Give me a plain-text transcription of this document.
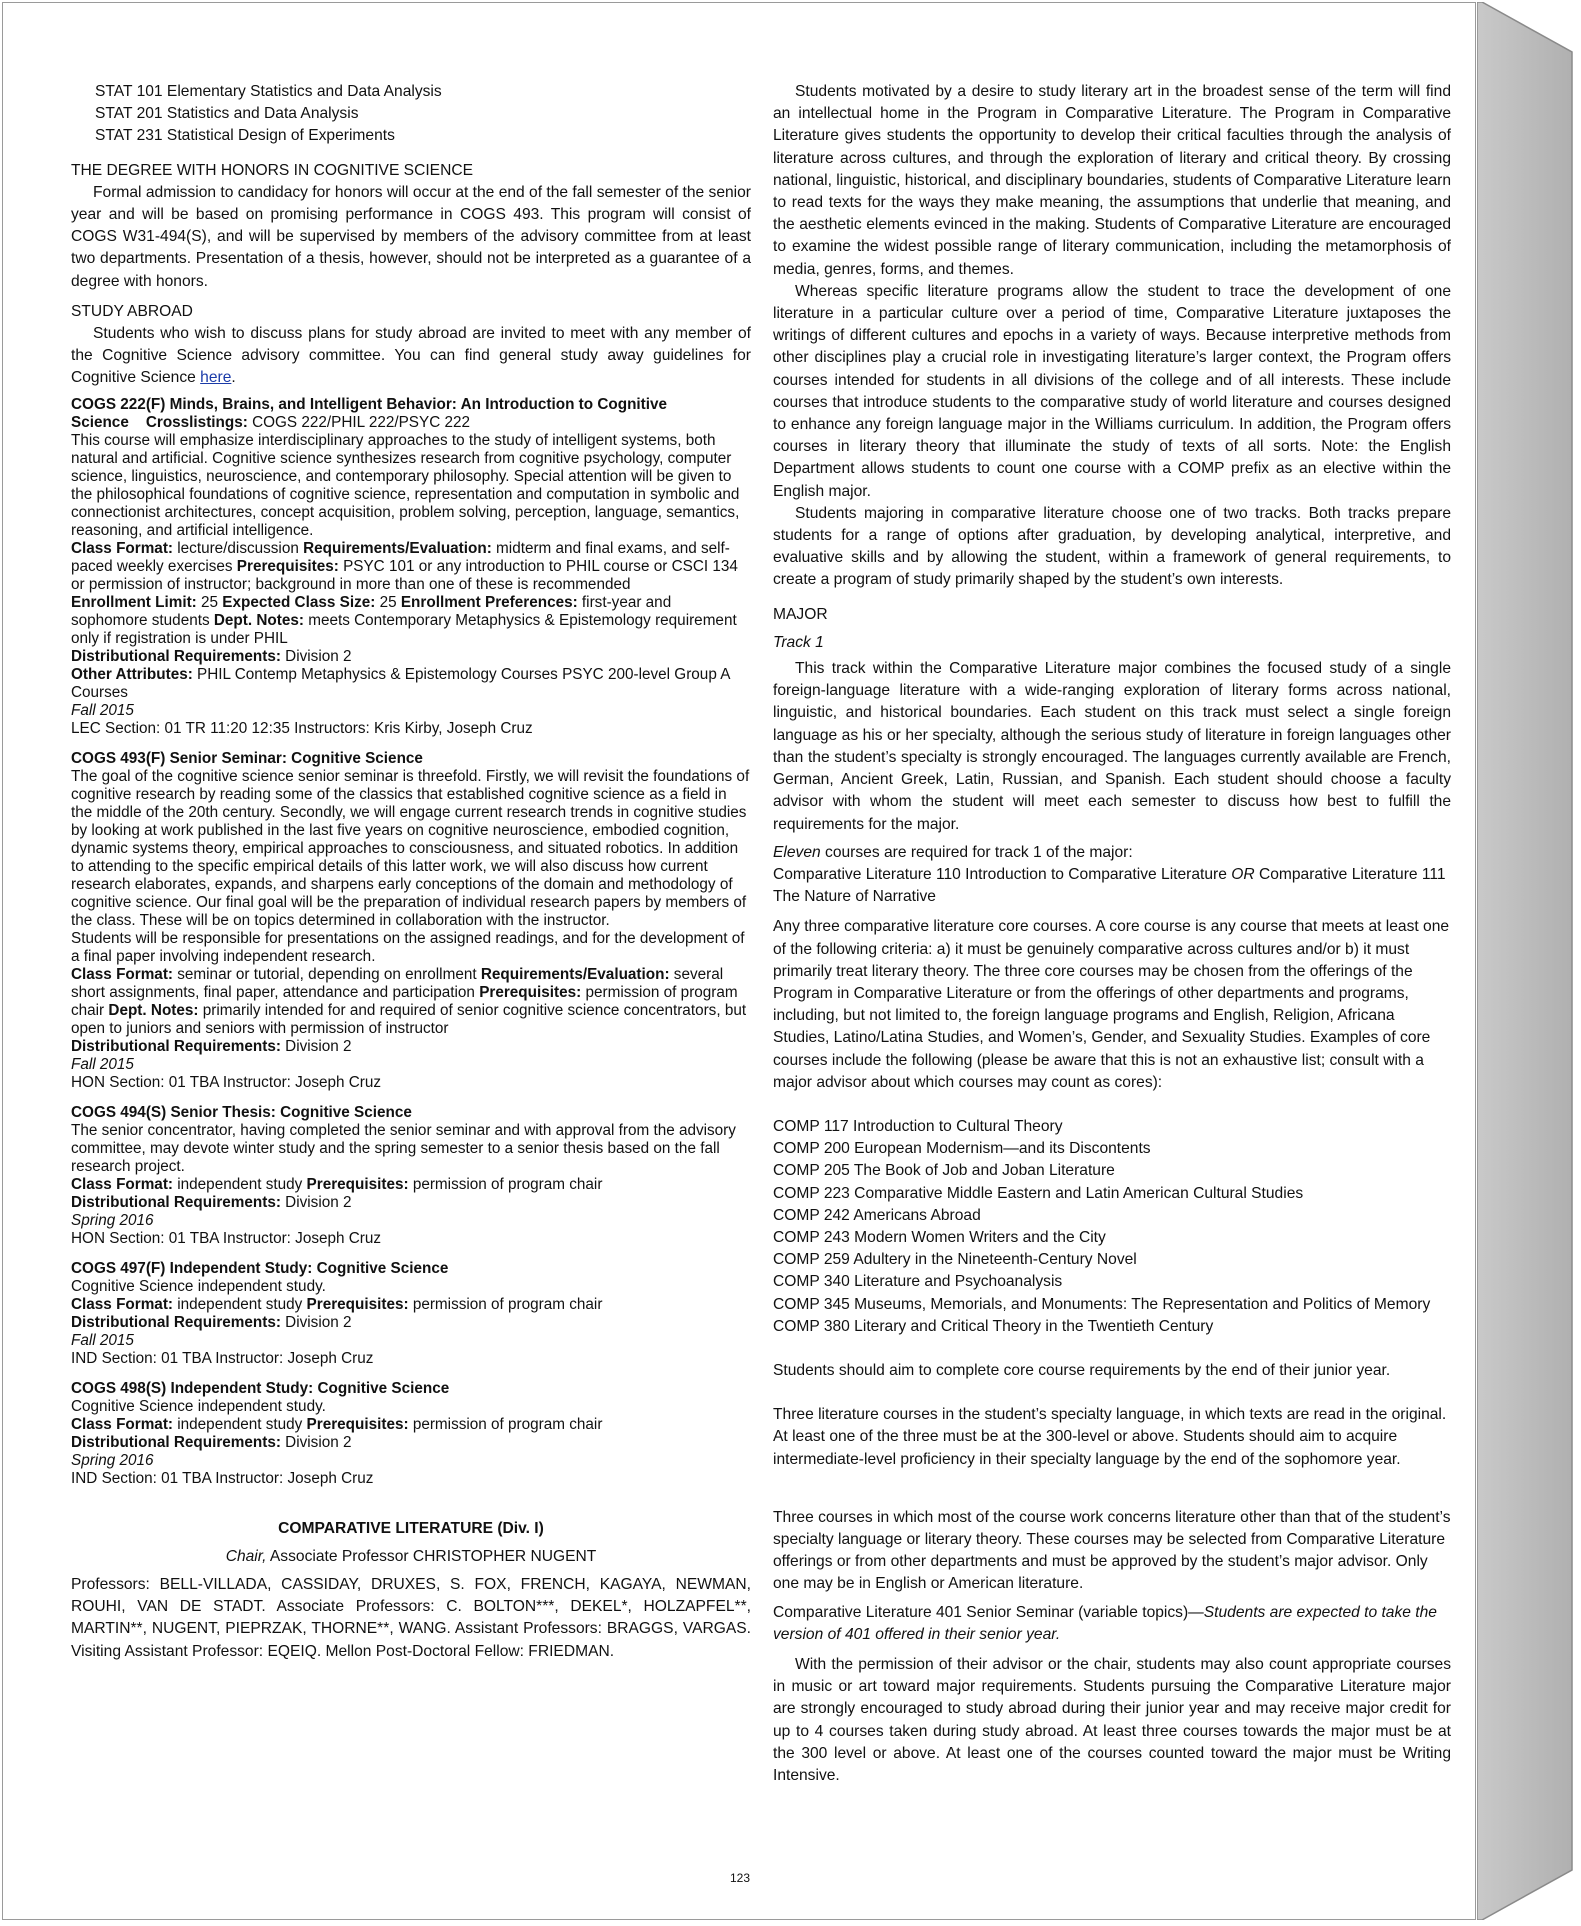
STAT 101 Elementary Statistics and Data Analysis

STAT 201 Statistics and Data Analysis

STAT 231 Statistical Design of Experiments

THE DEGREE WITH HONORS IN COGNITIVE SCIENCE

Formal admission to candidacy for honors will occur at the end of the fall semester of the senior year and will be based on promising performance in COGS 493. This program will consist of COGS W31-494(S), and will be supervised by members of the advisory committee from at least two departments. Presentation of a thesis, however, should not be interpreted as a guarantee of a degree with honors.

STUDY ABROAD

Students who wish to discuss plans for study abroad are invited to meet with any member of the Cognitive Science advisory committee. You can find general study away guidelines for Cognitive Science here.

COGS 222(F) Minds, Brains, and Intelligent Behavior: An Introduction to Cognitive Science Crosslistings: COGS 222/PHIL 222/PSYC 222

This course will emphasize interdisciplinary approaches to the study of intelligent systems, both natural and artificial. Cognitive science synthesizes research from cognitive psychology, computer science, linguistics, neuroscience, and contemporary philosophy. Special attention will be given to the philosophical foundations of cognitive science, representation and computation in symbolic and connectionist architectures, concept acquisition, problem solving, perception, language, semantics, reasoning, and artificial intelligence.

Class Format: lecture/discussion Requirements/Evaluation: midterm and final exams, and self-paced weekly exercises Prerequisites: PSYC 101 or any introduction to PHIL course or CSCI 134 or permission of instructor; background in more than one of these is recommended

Enrollment Limit: 25 Expected Class Size: 25 Enrollment Preferences: first-year and sophomore students Dept. Notes: meets Contemporary Metaphysics & Epistemology requirement only if registration is under PHIL

Distributional Requirements: Division 2

Other Attributes: PHIL Contemp Metaphysics & Epistemology Courses PSYC 200-level Group A Courses

Fall 2015

LEC Section: 01 TR 11:20 12:35 Instructors: Kris Kirby, Joseph Cruz

COGS 493(F) Senior Seminar: Cognitive Science

The goal of the cognitive science senior seminar is threefold. Firstly, we will revisit the foundations of cognitive research by reading some of the classics that established cognitive science as a field in the middle of the 20th century. Secondly, we will engage current research trends in cognitive studies by looking at work published in the last five years on cognitive neuroscience, embodied cognition, dynamic systems theory, empirical approaches to consciousness, and situated robotics. In addition to attending to the specific empirical details of this latter work, we will also discuss how current research elaborates, expands, and sharpens early conceptions of the domain and methodology of cognitive science. Our final goal will be the preparation of individual research papers by members of the class. These will be on topics determined in collaboration with the instructor.

Students will be responsible for presentations on the assigned readings, and for the development of a final paper involving independent research.

Class Format: seminar or tutorial, depending on enrollment Requirements/Evaluation: several short assignments, final paper, attendance and participation Prerequisites: permission of program chair Dept. Notes: primarily intended for and required of senior cognitive science concentrators, but open to juniors and seniors with permission of instructor

Distributional Requirements: Division 2

Fall 2015

HON Section: 01 TBA Instructor: Joseph Cruz

COGS 494(S) Senior Thesis: Cognitive Science

The senior concentrator, having completed the senior seminar and with approval from the advisory committee, may devote winter study and the spring semester to a senior thesis based on the fall research project.

Class Format: independent study Prerequisites: permission of program chair

Distributional Requirements: Division 2

Spring 2016

HON Section: 01 TBA Instructor: Joseph Cruz

COGS 497(F) Independent Study: Cognitive Science

Cognitive Science independent study.

Class Format: independent study Prerequisites: permission of program chair

Distributional Requirements: Division 2

Fall 2015

IND Section: 01 TBA Instructor: Joseph Cruz

COGS 498(S) Independent Study: Cognitive Science

Cognitive Science independent study.

Class Format: independent study Prerequisites: permission of program chair

Distributional Requirements: Division 2

Spring 2016

IND Section: 01 TBA Instructor: Joseph Cruz

COMPARATIVE LITERATURE (Div. I)

Chair, Associate Professor CHRISTOPHER NUGENT

Professors: BELL-VILLADA, CASSIDAY, DRUXES, S. FOX, FRENCH, KAGAYA, NEWMAN, ROUHI, VAN DE STADT. Associate Professors: C. BOLTON***, DEKEL*, HOLZAPFEL**, MARTIN**, NUGENT, PIEPRZAK, THORNE**, WANG. Assistant Professors: BRAGGS, VARGAS. Visiting Assistant Professor: EQEIQ. Mellon Post-Doctoral Fellow: FRIEDMAN.

Students motivated by a desire to study literary art in the broadest sense of the term will find an intellectual home in the Program in Comparative Literature. The Program in Comparative Literature gives students the opportunity to develop their critical faculties through the analysis of literature across cultures, and through the exploration of literary and critical theory. By crossing national, linguistic, historical, and disciplinary boundaries, students of Comparative Literature learn to read texts for the ways they make meaning, the assumptions that underlie that meaning, and the aesthetic elements evinced in the making. Students of Comparative Literature are encouraged to examine the widest possible range of literary communication, including the metamorphosis of media, genres, forms, and themes.

Whereas specific literature programs allow the student to trace the development of one literature in a particular culture over a period of time, Comparative Literature juxtaposes the writings of different cultures and epochs in a variety of ways. Because interpretive methods from other disciplines play a crucial role in investigating literature’s larger context, the Program offers courses intended for students in all divisions of the college and of all interests. These include courses that introduce students to the comparative study of world literature and courses designed to enhance any foreign language major in the Williams curriculum. In addition, the Program offers courses in literary theory that illuminate the study of texts of all sorts. Note: the English Department allows students to count one course with a COMP prefix as an elective within the English major.

Students majoring in comparative literature choose one of two tracks. Both tracks prepare students for a range of options after graduation, by developing analytical, interpretive, and evaluative skills and by allowing the student, within a framework of general requirements, to create a program of study primarily shaped by the student’s own interests.

MAJOR

Track 1

This track within the Comparative Literature major combines the focused study of a single foreign-language literature with a wide-ranging exploration of literary forms across national, linguistic, and historical boundaries. Each student on this track must select a single foreign language as his or her specialty, although the serious study of literature in foreign languages other than the student’s specialty is strongly encouraged. The languages currently available are French, German, Ancient Greek, Latin, Russian, and Spanish. Each student should choose a faculty advisor with whom the student will meet each semester to discuss how best to fulfill the requirements for the major.

Eleven courses are required for track 1 of the major:

Comparative Literature 110 Introduction to Comparative Literature OR Comparative Literature 111 The Nature of Narrative

Any three comparative literature core courses. A core course is any course that meets at least one of the following criteria: a) it must be genuinely comparative across cultures and/or b) it must primarily treat literary theory. The three core courses may be chosen from the offerings of the Program in Comparative Literature or from the offerings of other departments and programs, including, but not limited to, the foreign language programs and English, Religion, Africana Studies, Latino/Latina Studies, and Women’s, Gender, and Sexuality Studies. Examples of core courses include the following (please be aware that this is not an exhaustive list; consult with a major advisor about which courses may count as cores):

COMP 117 Introduction to Cultural Theory

COMP 200 European Modernism—and its Discontents

COMP 205 The Book of Job and Joban Literature

COMP 223 Comparative Middle Eastern and Latin American Cultural Studies

COMP 242 Americans Abroad

COMP 243 Modern Women Writers and the City

COMP 259 Adultery in the Nineteenth-Century Novel

COMP 340 Literature and Psychoanalysis

COMP 345 Museums, Memorials, and Monuments: The Representation and Politics of Memory

COMP 380 Literary and Critical Theory in the Twentieth Century

Students should aim to complete core course requirements by the end of their junior year.

Three literature courses in the student’s specialty language, in which texts are read in the original. At least one of the three must be at the 300-level or above. Students should aim to acquire intermediate-level proficiency in their specialty language by the end of the sophomore year.

Three courses in which most of the course work concerns literature other than that of the student’s specialty language or literary theory. These courses may be selected from Comparative Literature offerings or from other departments and must be approved by the student’s major advisor. Only one may be in English or American literature.

Comparative Literature 401 Senior Seminar (variable topics)—Students are expected to take the version of 401 offered in their senior year.

With the permission of their advisor or the chair, students may also count appropriate courses in music or art toward major requirements. Students pursuing the Comparative Literature major are strongly encouraged to study abroad during their junior year and may receive major credit for up to 4 courses taken during study abroad. At least three courses towards the major must be at the 300 level or above. At least one of the courses counted toward the major must be Writing Intensive.

123
